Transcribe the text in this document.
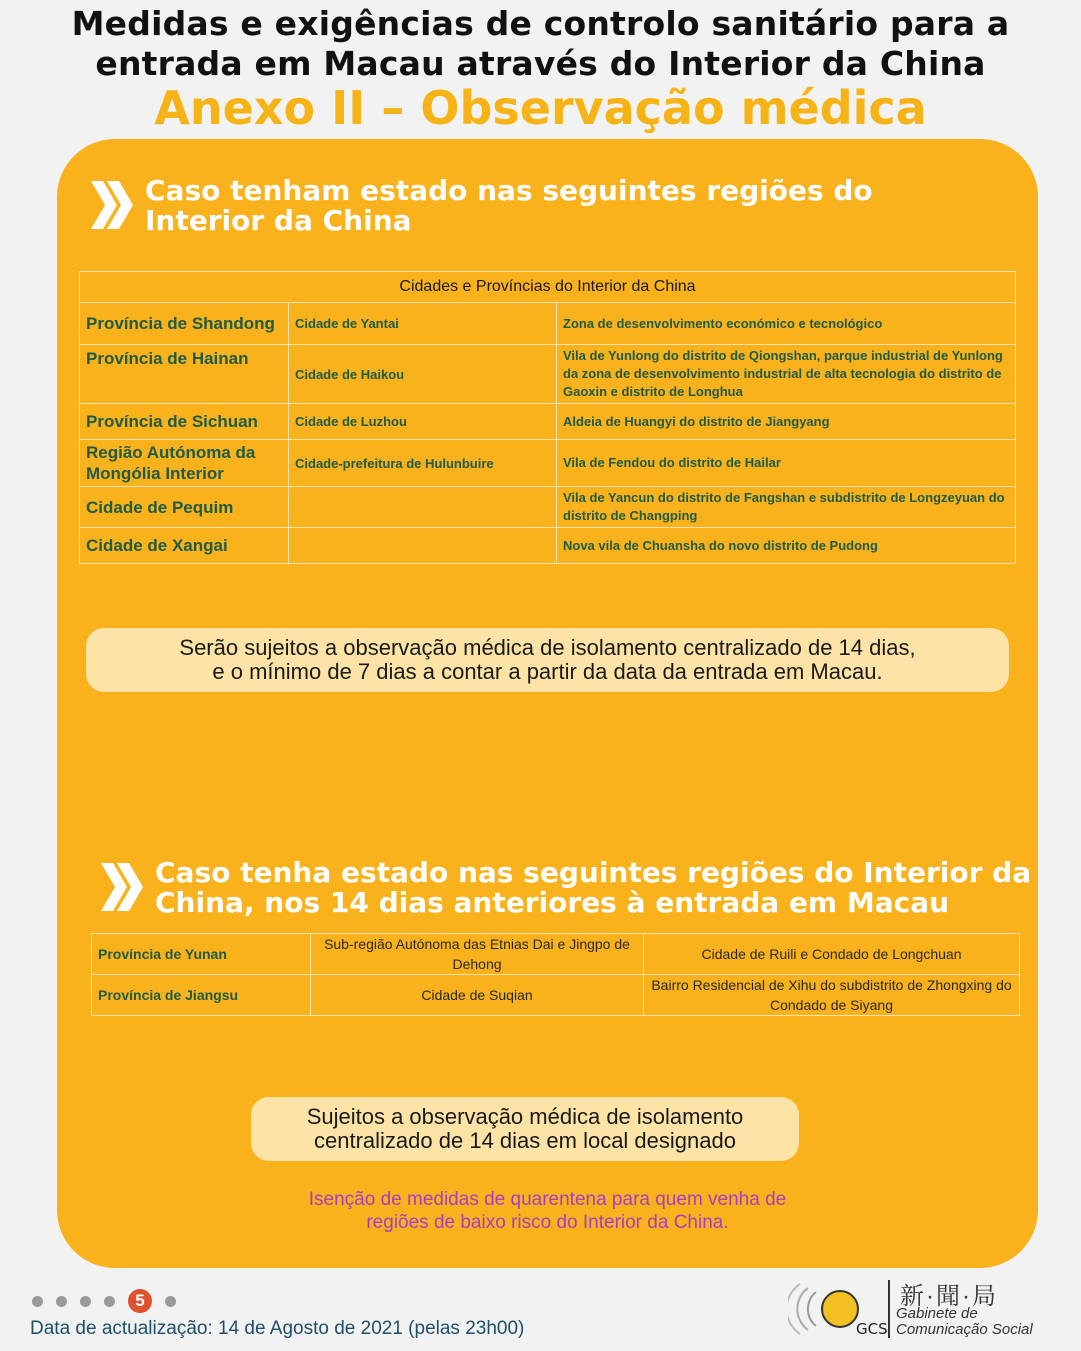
Medidas e exigências de controlo sanitário para a
entrada em Macau através do Interior da China
Anexo II – Observação médica
Caso tenham estado nas seguintes regiões do
Interior da China
Cidades e Províncias do Interior da China		
Província de Shandong	Cidade de Yantai	Zona de desenvolvimento económico e tecnológico
Província de Hainan	Cidade de Haikou	Vila de Yunlong do distrito de Qiongshan, parque industrial de Yunlong da zona de desenvolvimento industrial de alta tecnologia do distrito de Gaoxin e distrito de Longhua
Província de Sichuan	Cidade de Luzhou	Aldeia de Huangyi do distrito de Jiangyang
Região Autónoma da Mongólia Interior	Cidade-prefeitura de Hulunbuire	Vila de Fendou do distrito de Hailar
Cidade de Pequim		Vila de Yancun do distrito de Fangshan e subdistrito de Longzeyuan do distrito de Changping
Cidade de Xangai		Nova vila de Chuansha do novo distrito de Pudong
Serão sujeitos a observação médica de isolamento centralizado de 14 dias,
e o mínimo de 7 dias a contar a partir da data da entrada em Macau.
Caso tenha estado nas seguintes regiões do Interior da
China, nos 14 dias anteriores à entrada em Macau
Província de Yunan	Sub-região Autónoma das Etnias Dai e Jingpo de Dehong	Cidade de Ruili e Condado de Longchuan
Província de Jiangsu	Cidade de Suqian	Bairro Residencial de Xihu do subdistrito de Zhongxing do Condado de Siyang
Sujeitos a observação médica de isolamento
centralizado de 14 dias em local designado
Isenção de medidas de quarentena para quem venha de
regiões de baixo risco do Interior da China.
5
Data de actualização: 14 de Agosto de 2021 (pelas 23h00)	GCS
新·聞·局
Gabinete de
Comunicação Social
